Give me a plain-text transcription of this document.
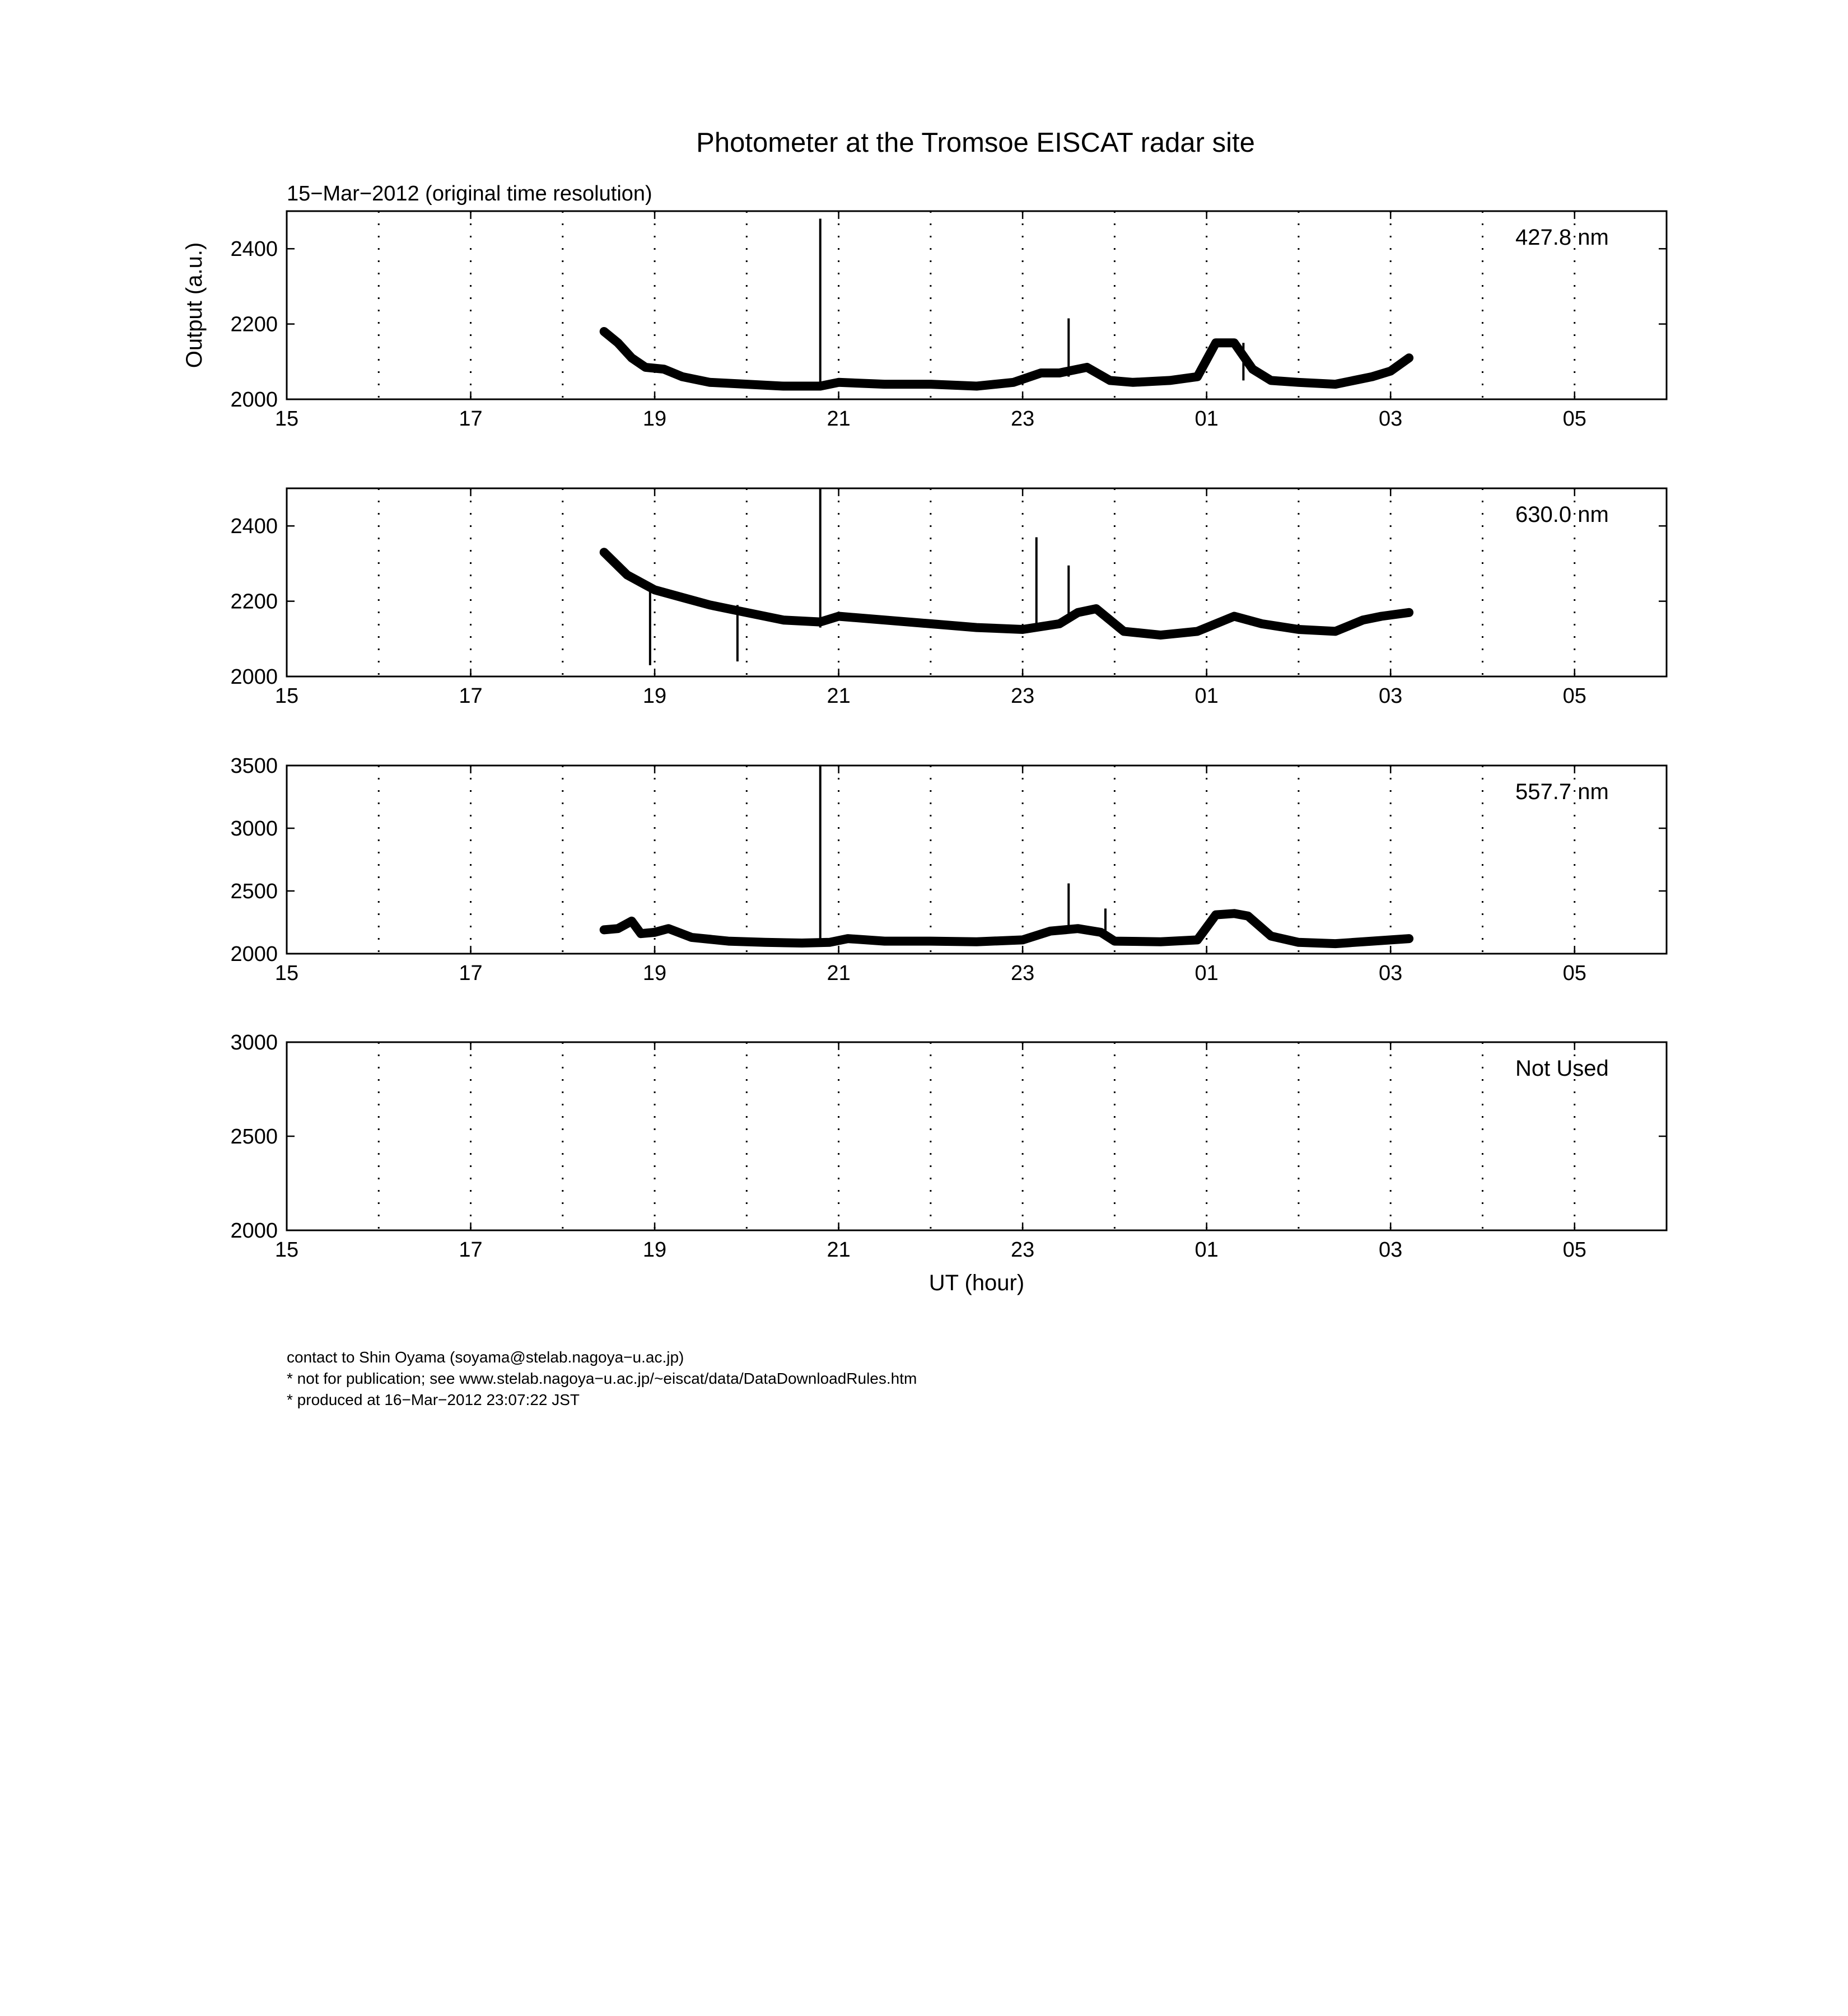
Photometer at the Tromsoe EISCAT radar site
15−Mar−2012 (original time resolution)
15	17	19	21	23	01	03	05
2000
2200
2400	427.8 nm
Output (a.u.)
15	17	19	21	23	01	03	05
2000
2200
2400	630.0 nm
15	17	19	21	23	01	03	05
2000
2500
3000
3500
557.7 nm
15	17	19	21	23	01	03	05
2000
2500
3000
Not Used
UT (hour)
contact to Shin Oyama (soyama@stelab.nagoya−u.ac.jp)
* not for publication; see www.stelab.nagoya−u.ac.jp/~eiscat/data/DataDownloadRules.htm
* produced at 16−Mar−2012 23:07:22 JST
